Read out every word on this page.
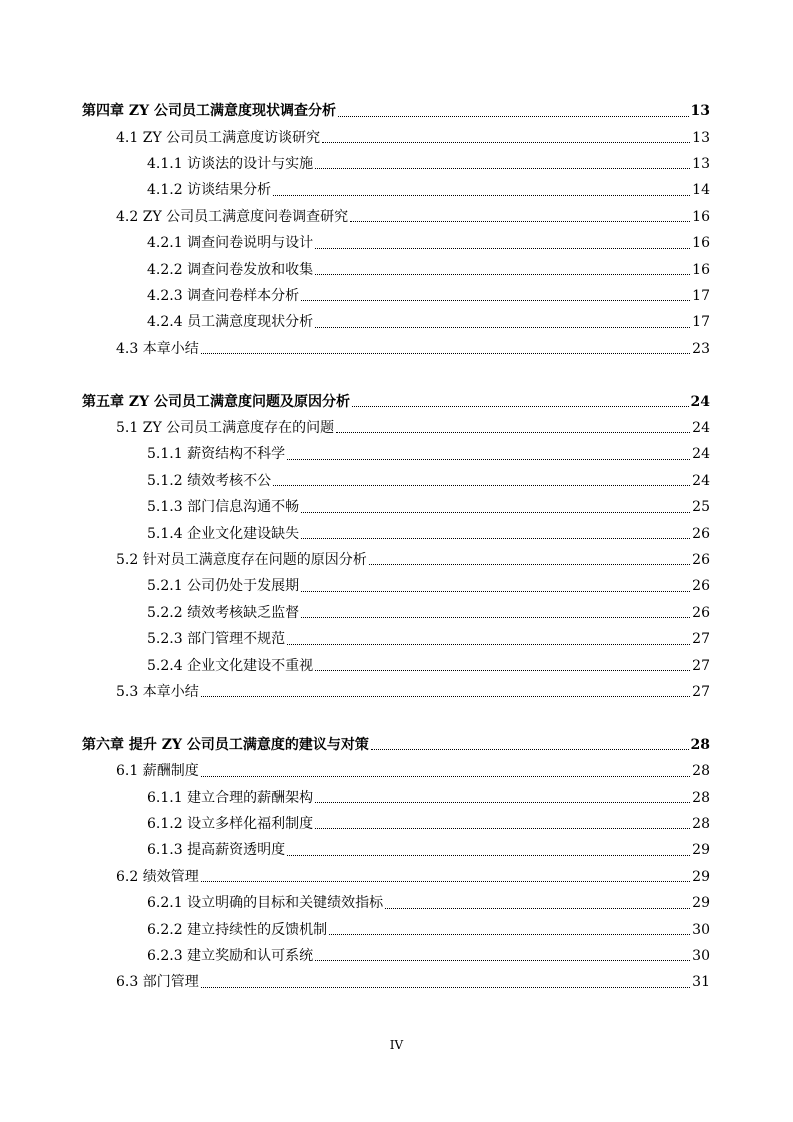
第四章 ZY 公司员工满意度现状调查分析	13
4.1 ZY 公司员工满意度访谈研究	13
4.1.1 访谈法的设计与实施	13
4.1.2 访谈结果分析	14
4.2 ZY 公司员工满意度问卷调查研究	16
4.2.1 调查问卷说明与设计	16
4.2.2 调查问卷发放和收集	16
4.2.3 调查问卷样本分析	17
4.2.4 员工满意度现状分析	17
4.3 本章小结	23
第五章 ZY 公司员工满意度问题及原因分析	24
5.1 ZY 公司员工满意度存在的问题	24
5.1.1 薪资结构不科学	24
5.1.2 绩效考核不公	24
5.1.3 部门信息沟通不畅	25
5.1.4 企业文化建设缺失	26
5.2 针对员工满意度存在问题的原因分析	26
5.2.1 公司仍处于发展期	26
5.2.2 绩效考核缺乏监督	26
5.2.3 部门管理不规范	27
5.2.4 企业文化建设不重视	27
5.3 本章小结	27
第六章 提升 ZY 公司员工满意度的建议与对策	28
6.1 薪酬制度	28
6.1.1 建立合理的薪酬架构	28
6.1.2 设立多样化福利制度	28
6.1.3 提高薪资透明度	29
6.2 绩效管理	29
6.2.1 设立明确的目标和关键绩效指标	29
6.2.2 建立持续性的反馈机制	30
6.2.3 建立奖励和认可系统	30
6.3 部门管理	31
IV
